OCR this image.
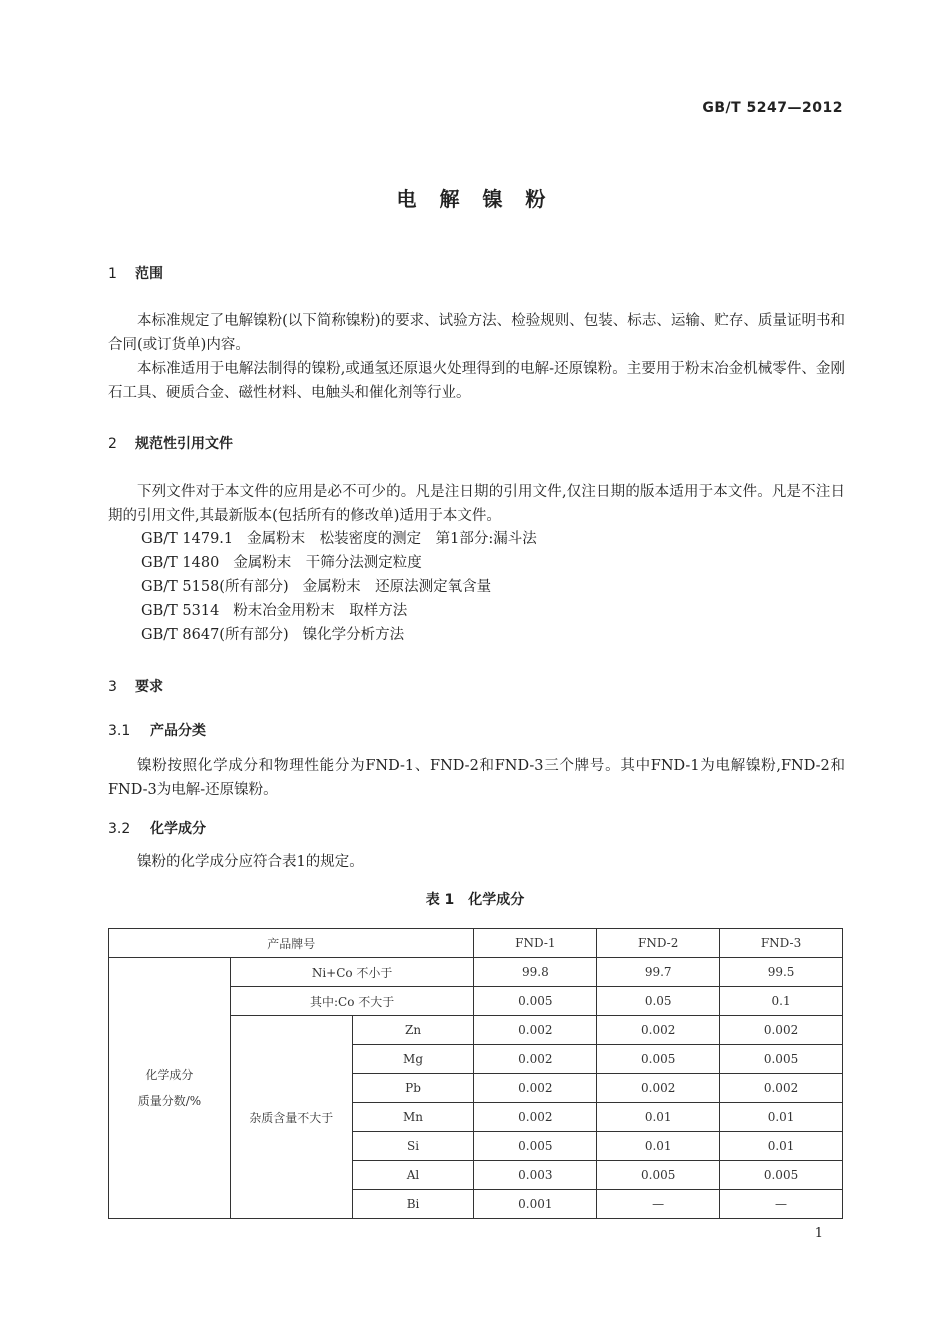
GB/T 5247—2012
电 解 镍 粉
1 范围
本标准规定了电解镍粉(以下简称镍粉)的要求、试验方法、检验规则、包装、标志、运输、贮存、质量证明书和合同(或订货单)内容。
本标准适用于电解法制得的镍粉,或通氢还原退火处理得到的电解-还原镍粉。主要用于粉末冶金机械零件、金刚石工具、硬质合金、磁性材料、电触头和催化剂等行业。
2 规范性引用文件
下列文件对于本文件的应用是必不可少的。凡是注日期的引用文件,仅注日期的版本适用于本文件。凡是不注日期的引用文件,其最新版本(包括所有的修改单)适用于本文件。
GB/T 1479.1 金属粉末　松装密度的测定　第1部分:漏斗法
GB/T 1480 金属粉末　干筛分法测定粒度
GB/T 5158(所有部分) 金属粉末　还原法测定氧含量
GB/T 5314 粉末冶金用粉末　取样方法
GB/T 8647(所有部分) 镍化学分析方法
3 要求
3.1 产品分类
镍粉按照化学成分和物理性能分为FND-1、FND-2和FND-3三个牌号。其中FND-1为电解镍粉,FND-2和FND-3为电解-还原镍粉。
3.2 化学成分
镍粉的化学成分应符合表1的规定。
表 1　化学成分
产品牌号			FND-1	FND-2	FND-3

化学成分
质量分数/%	Ni+Co 不小于		99.8	99.7	99.5
	其中:Co 不大于		0.005	0.05	0.1
	杂质含量不大于	Zn	0.002	0.002	0.002
		Mg	0.002	0.005	0.005
		Pb	0.002	0.002	0.002
		Mn	0.002	0.01	0.01
		Si	0.005	0.01	0.01
		Al	0.003	0.005	0.005
		Bi	0.001	—	—
1
